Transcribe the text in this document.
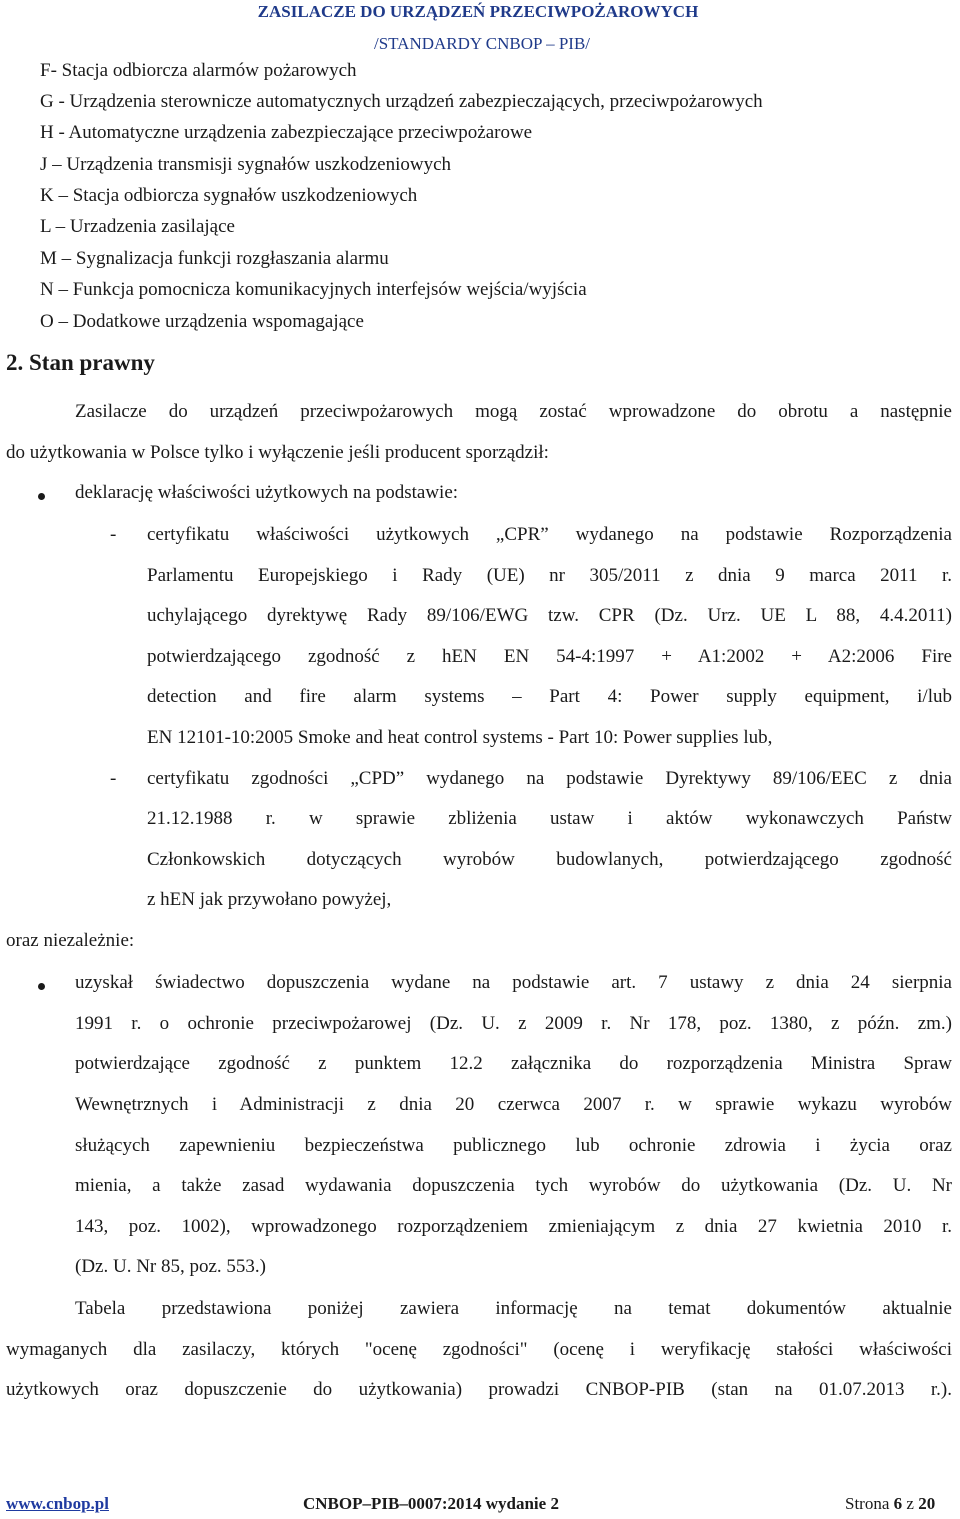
ZASILACZE DO URZĄDZEŃ PRZECIWPOŻAROWYCH
/STANDARDY CNBOP – PIB/
F- Stacja odbiorcza alarmów pożarowych
G - Urządzenia sterownicze automatycznych urządzeń zabezpieczających, przeciwpożarowych
H - Automatyczne urządzenia zabezpieczające przeciwpożarowe
J – Urządzenia transmisji sygnałów uszkodzeniowych
K – Stacja odbiorcza sygnałów uszkodzeniowych
L – Urzadzenia zasilające
M – Sygnalizacja funkcji rozgłaszania alarmu
N – Funkcja pomocnicza komunikacyjnych interfejsów wejścia/wyjścia
O – Dodatkowe urządzenia wspomagające
2. Stan prawny
Zasilacze do urządzeń przeciwpożarowych mogą zostać wprowadzone do obrotu a następnie
do użytkowania w Polsce tylko i wyłączenie jeśli producent sporządził:
deklarację właściwości użytkowych na podstawie:
- certyfikatu właściwości użytkowych „CPR” wydanego na podstawie Rozporządzenia
Parlamentu Europejskiego i Rady (UE) nr 305/2011 z dnia 9 marca 2011 r.
uchylającego dyrektywę Rady 89/106/EWG tzw. CPR (Dz. Urz. UE L 88, 4.4.2011)
potwierdzającego zgodność z hEN EN 54-4:1997 + A1:2002 + A2:2006 Fire
detection and fire alarm systems – Part 4: Power supply equipment, i/lub
EN 12101-10:2005 Smoke and heat control systems - Part 10: Power supplies lub,
- certyfikatu zgodności „CPD” wydanego na podstawie Dyrektywy 89/106/EEC z dnia
21.12.1988 r. w sprawie zbliżenia ustaw i aktów wykonawczych Państw
Członkowskich dotyczących wyrobów budowlanych, potwierdzającego zgodność
z hEN jak przywołano powyżej,
oraz niezależnie:
uzyskał świadectwo dopuszczenia wydane na podstawie art. 7 ustawy z dnia 24 sierpnia
1991 r. o ochronie przeciwpożarowej (Dz. U. z 2009 r. Nr 178, poz. 1380, z późn. zm.)
potwierdzające zgodność z punktem 12.2 załącznika do rozporządzenia Ministra Spraw
Wewnętrznych i Administracji z dnia 20 czerwca 2007 r. w sprawie wykazu wyrobów
służących zapewnieniu bezpieczeństwa publicznego lub ochronie zdrowia i życia oraz
mienia, a także zasad wydawania dopuszczenia tych wyrobów do użytkowania (Dz. U. Nr
143, poz. 1002), wprowadzonego rozporządzeniem zmieniającym z dnia 27 kwietnia 2010 r.
(Dz. U. Nr 85, poz. 553.)
Tabela przedstawiona poniżej zawiera informację na temat dokumentów aktualnie
wymaganych dla zasilaczy, których "ocenę zgodności" (ocenę i weryfikację stałości właściwości
użytkowych oraz dopuszczenie do użytkowania) prowadzi CNBOP-PIB (stan na 01.07.2013 r.).
www.cnbop.pl	CNBOP–PIB–0007:2014 wydanie 2	Strona 6 z 20
